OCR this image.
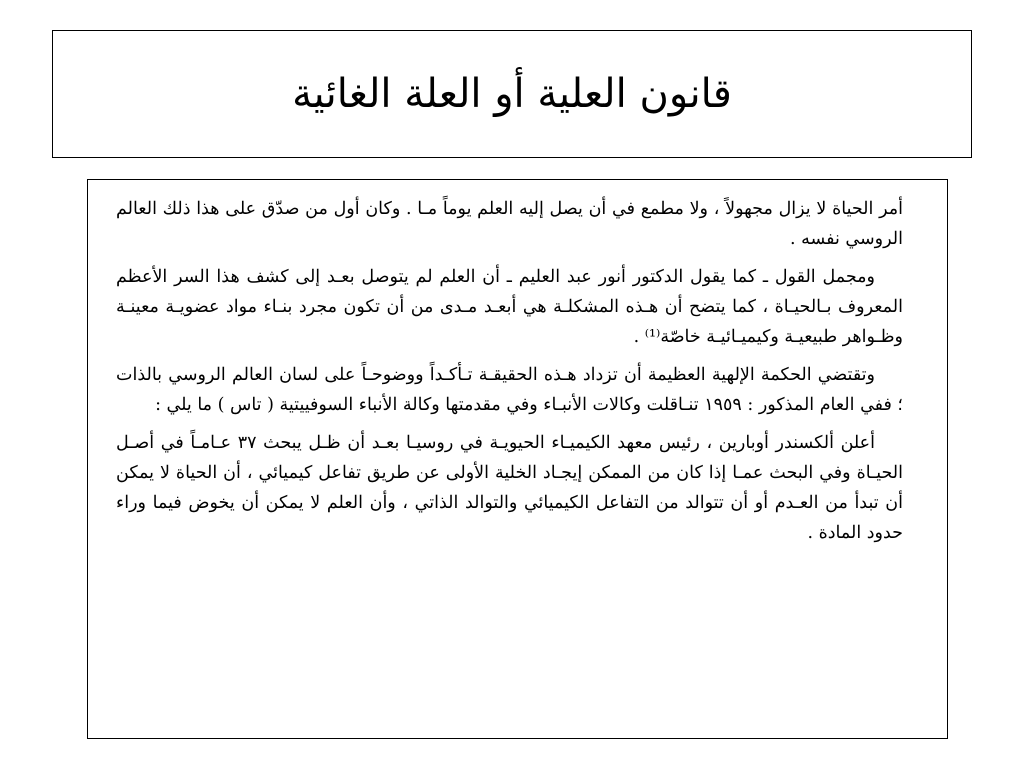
قانون العلية أو العلة الغائية

أمر الحياة لا يزال مجهولاً ، ولا مطمع في أن يصل إليه العلم يوماً مـا . وكان أول من صدّق على هذا ذلك العالم الروسي نفسه .

ومجمل القول ـ كما يقول الدكتور أنور عبد العليم ـ أن العلم لم يتوصل بعـد إلى كشف هذا السر الأعظم المعروف بـالحيـاة ، كما يتضح أن هـذه المشكلـة هي أبعـد مـدى من أن تكون مجرد بنـاء مواد عضويـة معينـة وظـواهر طبيعيـة وكيميـائيـة خاصّة⁽¹⁾ .

وتقتضي الحكمة الإلهية العظيمة أن تزداد هـذه الحقيقـة تـأكـداً ووضوحـاً على لسان العالم الروسي بالذات ؛ ففي العام المذكور : ١٩٥٩ تنـاقلت وكالات الأنبـاء وفي مقدمتها وكالة الأنباء السوفييتية ( تاس ) ما يلي :

أعلن ألكسندر أوبارين ، رئيس معهد الكيميـاء الحيويـة في روسيـا بعـد أن ظـل يبحث ٣٧ عـامـاً في أصـل الحيـاة وفي البحث عمـا إذا كان من الممكن إيجـاد الخلية الأولى عن طريق تفاعل كيميائي ، أن الحياة لا يمكن أن تبدأ من العـدم أو أن تتوالد من التفاعل الكيميائي والتوالد الذاتي ، وأن العلم لا يمكن أن يخوض فيما وراء حدود المادة .
